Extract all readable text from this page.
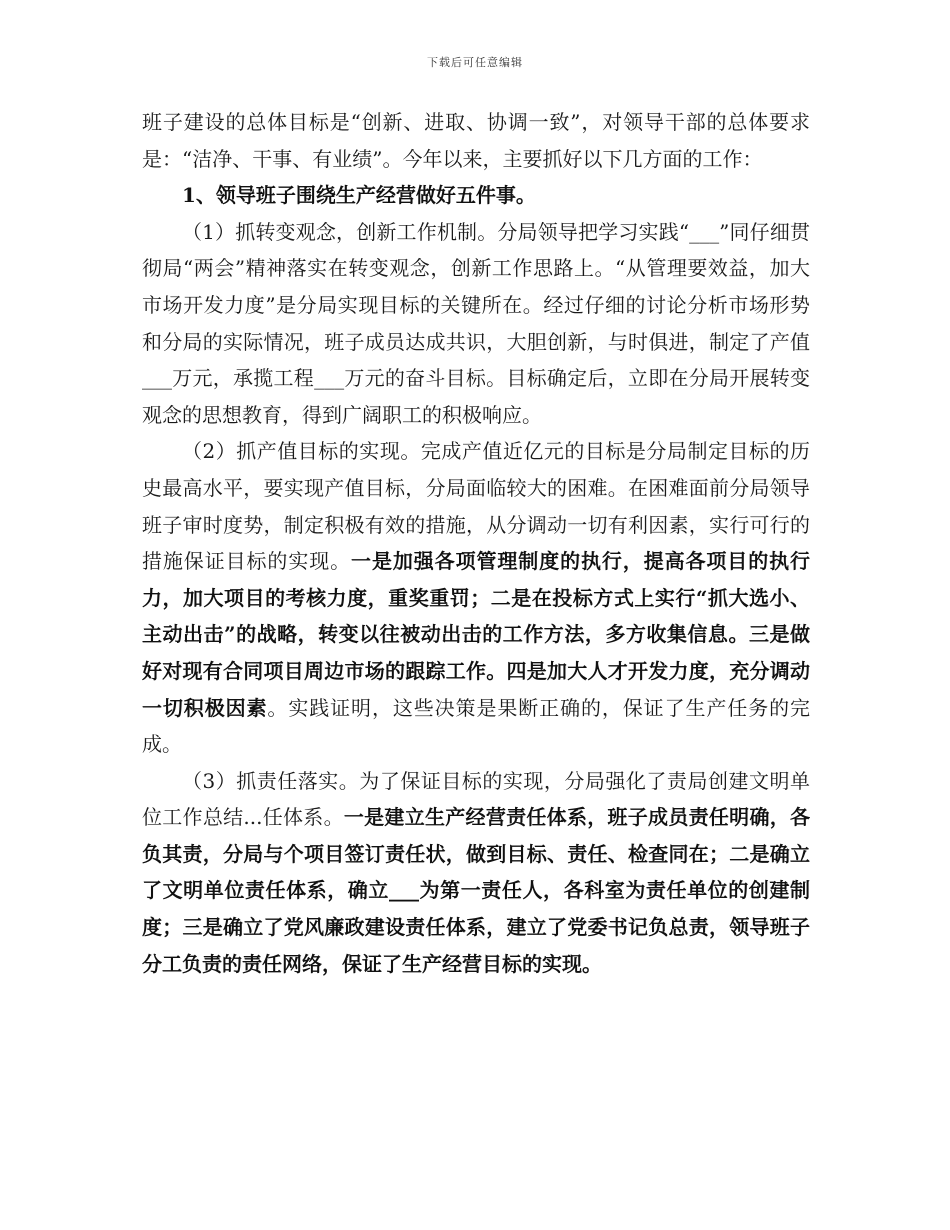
下载后可任意编辑

班子建设的总体目标是“创新、进取、协调一致”，对领导干部的总体要求是：“洁净、干事、有业绩”。今年以来，主要抓好以下几方面的工作：

1、领导班子围绕生产经营做好五件事。

（1）抓转变观念，创新工作机制。分局领导把学习实践“___”同仔细贯彻局“两会”精神落实在转变观念，创新工作思路上。“从管理要效益，加大市场开发力度”是分局实现目标的关键所在。经过仔细的讨论分析市场形势和分局的实际情况，班子成员达成共识，大胆创新，与时俱进，制定了产值___万元，承揽工程___万元的奋斗目标。目标确定后，立即在分局开展转变观念的思想教育，得到广阔职工的积极响应。

（2）抓产值目标的实现。完成产值近亿元的目标是分局制定目标的历史最高水平，要实现产值目标，分局面临较大的困难。在困难面前分局领导班子审时度势，制定积极有效的措施，从分调动一切有利因素，实行可行的措施保证目标的实现。一是加强各项管理制度的执行，提高各项目的执行力，加大项目的考核力度，重奖重罚；二是在投标方式上实行“抓大选小、主动出击”的战略，转变以往被动出击的工作方法，多方收集信息。三是做好对现有合同项目周边市场的跟踪工作。四是加大人才开发力度，充分调动一切积极因素。实践证明，这些决策是果断正确的，保证了生产任务的完成。

（3）抓责任落实。为了保证目标的实现，分局强化了责局创建文明单位工作总结...任体系。一是建立生产经营责任体系，班子成员责任明确，各负其责，分局与个项目签订责任状，做到目标、责任、检查同在；二是确立了文明单位责任体系，确立___为第一责任人，各科室为责任单位的创建制度；三是确立了党风廉政建设责任体系，建立了党委书记负总责，领导班子分工负责的责任网络，保证了生产经营目标的实现。
